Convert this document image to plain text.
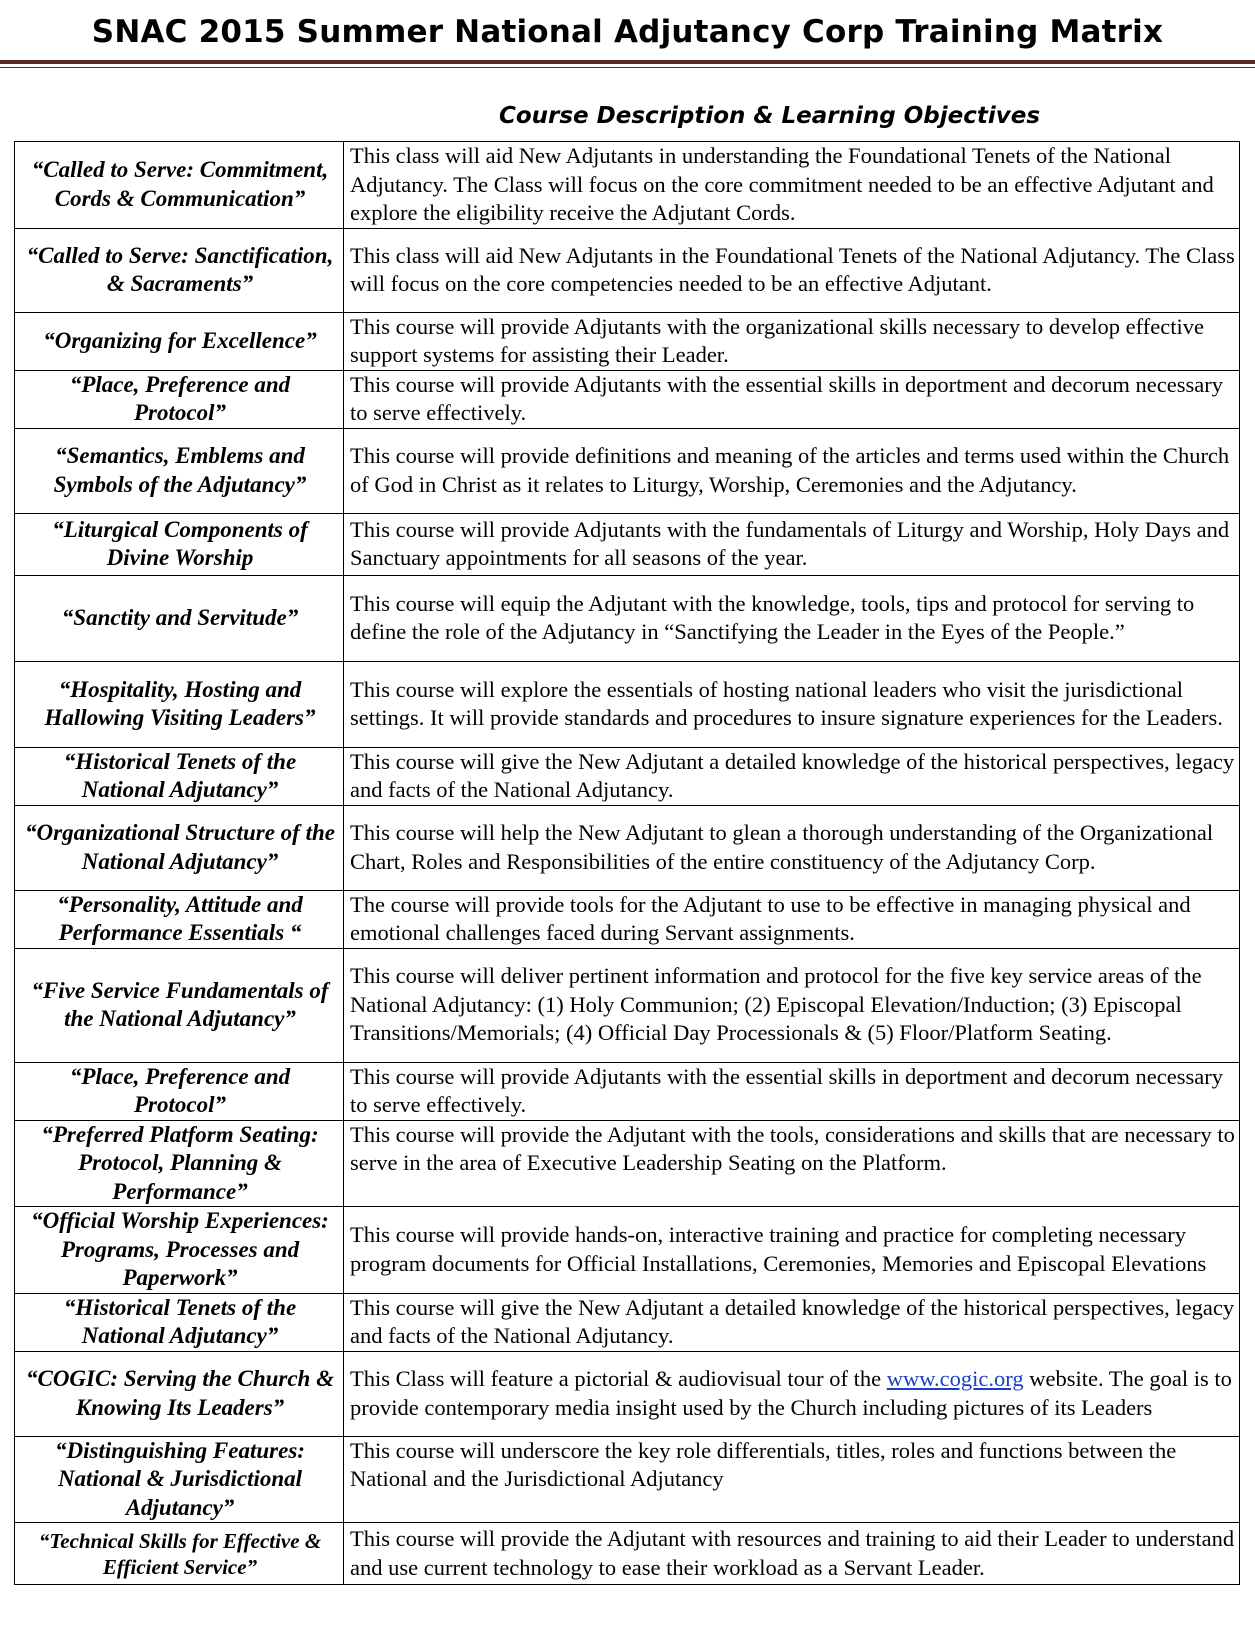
SNAC 2015 Summer National Adjutancy Corp Training Matrix
Course Description & Learning Objectives
“Called to Serve: Commitment, Cords & Communication”	This class will aid New Adjutants in understanding the Foundational Tenets of the National Adjutancy. The Class will focus on the core commitment needed to be an effective Adjutant and explore the eligibility receive the Adjutant Cords.
“Called to Serve: Sanctification, & Sacraments”	This class will aid New Adjutants in the Foundational Tenets of the National Adjutancy. The Class will focus on the core competencies needed to be an effective Adjutant.
“Organizing for Excellence”	This course will provide Adjutants with the organizational skills necessary to develop effective support systems for assisting their Leader.
“Place, Preference and Protocol”	This course will provide Adjutants with the essential skills in deportment and decorum necessary to serve effectively.
“Semantics, Emblems and Symbols of the Adjutancy”	This course will provide definitions and meaning of the articles and terms used within the Church of God in Christ as it relates to Liturgy, Worship, Ceremonies and the Adjutancy.
“Liturgical Components of Divine Worship	This course will provide Adjutants with the fundamentals of Liturgy and Worship, Holy Days and Sanctuary appointments for all seasons of the year.
“Sanctity and Servitude”	This course will equip the Adjutant with the knowledge, tools, tips and protocol for serving to define the role of the Adjutancy in “Sanctifying the Leader in the Eyes of the People.”
“Hospitality, Hosting and Hallowing Visiting Leaders”	This course will explore the essentials of hosting national leaders who visit the jurisdictional settings. It will provide standards and procedures to insure signature experiences for the Leaders.
“Historical Tenets of the National Adjutancy”	This course will give the New Adjutant a detailed knowledge of the historical perspectives, legacy and facts of the National Adjutancy.
“Organizational Structure of the National Adjutancy”	This course will help the New Adjutant to glean a thorough understanding of the Organizational Chart, Roles and Responsibilities of the entire constituency of the Adjutancy Corp.
“Personality, Attitude and Performance Essentials “	The course will provide tools for the Adjutant to use to be effective in managing physical and emotional challenges faced during Servant assignments.
“Five Service Fundamentals of the National Adjutancy”	This course will deliver pertinent information and protocol for the five key service areas of the National Adjutancy: (1) Holy Communion; (2) Episcopal Elevation/Induction; (3) Episcopal Transitions/Memorials; (4) Official Day Processionals & (5) Floor/Platform Seating.
“Place, Preference and Protocol”	This course will provide Adjutants with the essential skills in deportment and decorum necessary to serve effectively.
“Preferred Platform Seating: Protocol, Planning & Performance”	This course will provide the Adjutant with the tools, considerations and skills that are necessary to serve in the area of Executive Leadership Seating on the Platform.
“Official Worship Experiences: Programs, Processes and Paperwork”	This course will provide hands-on, interactive training and practice for completing necessary program documents for Official Installations, Ceremonies, Memories and Episcopal Elevations
“Historical Tenets of the National Adjutancy”	This course will give the New Adjutant a detailed knowledge of the historical perspectives, legacy and facts of the National Adjutancy.
“COGIC: Serving the Church & Knowing Its Leaders”	This Class will feature a pictorial & audiovisual tour of the www.cogic.org website. The goal is to provide contemporary media insight used by the Church including pictures of its Leaders
“Distinguishing Features: National & Jurisdictional Adjutancy”	This course will underscore the key role differentials, titles, roles and functions between the National and the Jurisdictional Adjutancy
“Technical Skills for Effective & Efficient Service”	This course will provide the Adjutant with resources and training to aid their Leader to understand and use current technology to ease their workload as a Servant Leader.
